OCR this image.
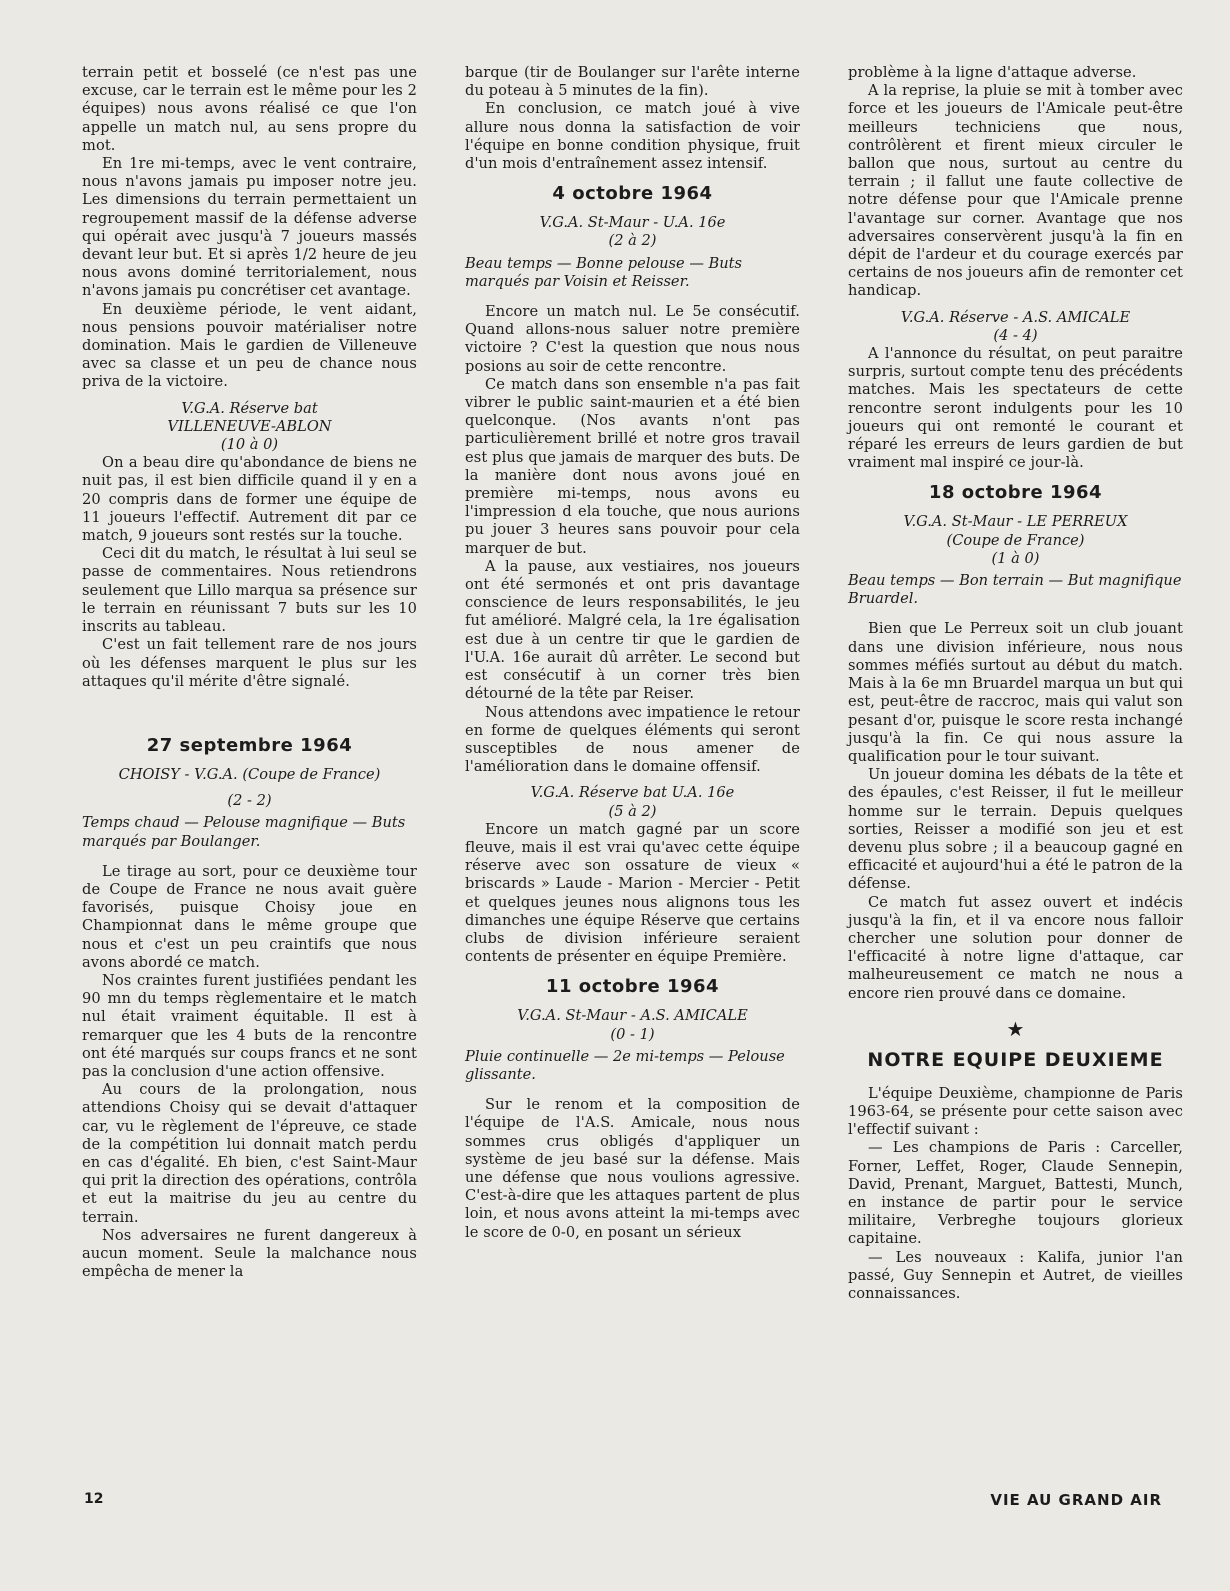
terrain petit et bosselé (ce n'est pas une excuse, car le terrain est le même pour les 2 équipes) nous avons réalisé ce que l'on appelle un match nul, au sens propre du mot.

En 1re mi-temps, avec le vent contraire, nous n'avons jamais pu imposer notre jeu. Les dimensions du terrain permettaient un regroupement massif de la défense adverse qui opérait avec jusqu'à 7 joueurs massés devant leur but. Et si après 1/2 heure de jeu nous avons dominé territorialement, nous n'avons jamais pu concrétiser cet avantage.

En deuxième période, le vent aidant, nous pensions pouvoir matérialiser notre domination. Mais le gardien de Villeneuve avec sa classe et un peu de chance nous priva de la victoire.

V.G.A. Réserve bat

VILLENEUVE-ABLON

(10 à 0)

On a beau dire qu'abondance de biens ne nuit pas, il est bien difficile quand il y en a 20 compris dans de former une équipe de 11 joueurs l'effectif. Autrement dit par ce match, 9 joueurs sont restés sur la touche.

Ceci dit du match, le résultat à lui seul se passe de commentaires. Nous retiendrons seulement que Lillo marqua sa présence sur le terrain en réunissant 7 buts sur les 10 inscrits au tableau.

C'est un fait tellement rare de nos jours où les défenses marquent le plus sur les attaques qu'il mérite d'être signalé.

27 septembre 1964

CHOISY - V.G.A. (Coupe de France)

(2 - 2)

Temps chaud — Pelouse magnifique — Buts marqués par Boulanger.

Le tirage au sort, pour ce deuxième tour de Coupe de France ne nous avait guère favorisés, puisque Choisy joue en Championnat dans le même groupe que nous et c'est un peu craintifs que nous avons abordé ce match.

Nos craintes furent justifiées pendant les 90 mn du temps règlementaire et le match nul était vraiment équitable. Il est à remarquer que les 4 buts de la rencontre ont été marqués sur coups francs et ne sont pas la conclusion d'une action offensive.

Au cours de la prolongation, nous attendions Choisy qui se devait d'attaquer car, vu le règlement de l'épreuve, ce stade de la compétition lui donnait match perdu en cas d'égalité. Eh bien, c'est Saint-Maur qui prit la direction des opérations, contrôla et eut la maitrise du jeu au centre du terrain.

Nos adversaires ne furent dangereux à aucun moment. Seule la malchance nous empêcha de mener la

barque (tir de Boulanger sur l'arête interne du poteau à 5 minutes de la fin).

En conclusion, ce match joué à vive allure nous donna la satisfaction de voir l'équipe en bonne condition physique, fruit d'un mois d'entraînement assez intensif.

4 octobre 1964

V.G.A. St-Maur - U.A. 16e

(2 à 2)

Beau temps — Bonne pelouse — Buts marqués par Voisin et Reisser.

Encore un match nul. Le 5e consécutif. Quand allons-nous saluer notre première victoire ? C'est la question que nous nous posions au soir de cette rencontre.

Ce match dans son ensemble n'a pas fait vibrer le public saint-maurien et a été bien quelconque. (Nos avants n'ont pas particulièrement brillé et notre gros travail est plus que jamais de marquer des buts. De la manière dont nous avons joué en première mi-temps, nous avons eu l'impression d ela touche, que nous aurions pu jouer 3 heures sans pouvoir pour cela marquer de but.

A la pause, aux vestiaires, nos joueurs ont été sermonés et ont pris davantage conscience de leurs responsabilités, le jeu fut amélioré. Malgré cela, la 1re égalisation est due à un centre tir que le gardien de l'U.A. 16e aurait dû arrêter. Le second but est consécutif à un corner très bien détourné de la tête par Reiser.

Nous attendons avec impatience le retour en forme de quelques éléments qui seront susceptibles de nous amener de l'amélioration dans le domaine offensif.

V.G.A. Réserve bat U.A. 16e

(5 à 2)

Encore un match gagné par un score fleuve, mais il est vrai qu'avec cette équipe réserve avec son ossature de vieux « briscards » Laude - Marion - Mercier - Petit et quelques jeunes nous alignons tous les dimanches une équipe Réserve que certains clubs de division inférieure seraient contents de présenter en équipe Première.

11 octobre 1964

V.G.A. St-Maur - A.S. AMICALE

(0 - 1)

Pluie continuelle — 2e mi-temps — Pelouse glissante.

Sur le renom et la composition de l'équipe de l'A.S. Amicale, nous nous sommes crus obligés d'appliquer un système de jeu basé sur la défense. Mais une défense que nous voulions agressive. C'est-à-dire que les attaques partent de plus loin, et nous avons atteint la mi-temps avec le score de 0-0, en posant un sérieux

problème à la ligne d'attaque adverse.

A la reprise, la pluie se mit à tomber avec force et les joueurs de l'Amicale peut-être meilleurs techniciens que nous, contrôlèrent et firent mieux circuler le ballon que nous, surtout au centre du terrain ; il fallut une faute collective de notre défense pour que l'Amicale prenne l'avantage sur corner. Avantage que nos adversaires conservèrent jusqu'à la fin en dépit de l'ardeur et du courage exercés par certains de nos joueurs afin de remonter cet handicap.

V.G.A. Réserve - A.S. AMICALE

(4 - 4)

A l'annonce du résultat, on peut paraitre surpris, surtout compte tenu des précédents matches. Mais les spectateurs de cette rencontre seront indulgents pour les 10 joueurs qui ont remonté le courant et réparé les erreurs de leurs gardien de but vraiment mal inspiré ce jour-là.

18 octobre 1964

V.G.A. St-Maur - LE PERREUX

(Coupe de France)

(1 à 0)

Beau temps — Bon terrain — But magnifique Bruardel.

Bien que Le Perreux soit un club jouant dans une division inférieure, nous nous sommes méfiés surtout au début du match. Mais à la 6e mn Bruardel marqua un but qui est, peut-être de raccroc, mais qui valut son pesant d'or, puisque le score resta inchangé jusqu'à la fin. Ce qui nous assure la qualification pour le tour suivant.

Un joueur domina les débats de la tête et des épaules, c'est Reisser, il fut le meilleur homme sur le terrain. Depuis quelques sorties, Reisser a modifié son jeu et est devenu plus sobre ; il a beaucoup gagné en efficacité et aujourd'hui a été le patron de la défense.

Ce match fut assez ouvert et indécis jusqu'à la fin, et il va encore nous falloir chercher une solution pour donner de l'efficacité à notre ligne d'attaque, car malheureusement ce match ne nous a encore rien prouvé dans ce domaine.

★
NOTRE EQUIPE DEUXIEME

L'équipe Deuxième, championne de Paris 1963-64, se présente pour cette saison avec l'effectif suivant :

— Les champions de Paris : Carceller, Forner, Leffet, Roger, Claude Sennepin, David, Prenant, Marguet, Battesti, Munch, en instance de partir pour le service militaire, Verbreghe toujours glorieux capitaine.

— Les nouveaux : Kalifa, junior l'an passé, Guy Sennepin et Autret, de vieilles connaissances.

12	VIE AU GRAND AIR
